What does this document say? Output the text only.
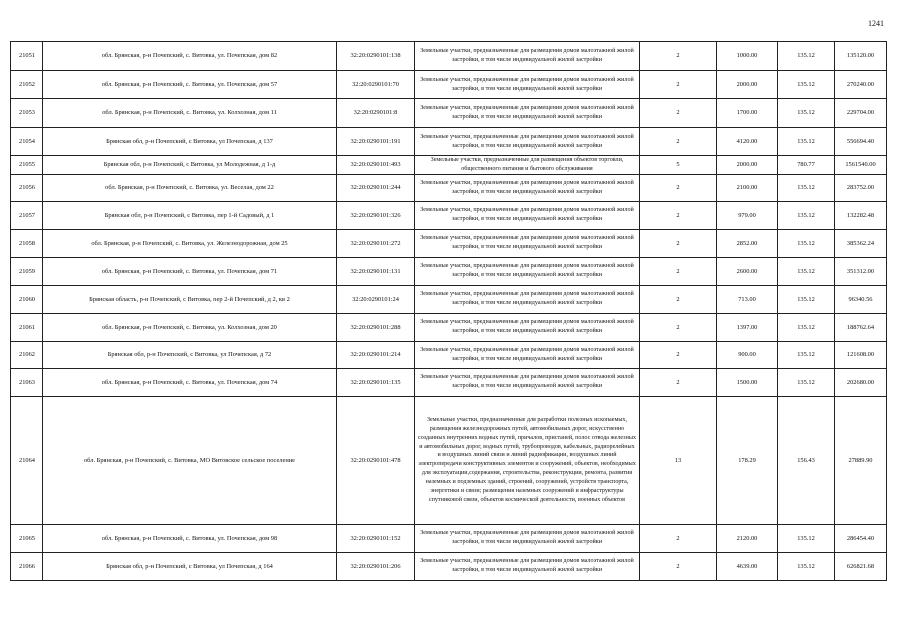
1241
21051	обл. Брянская, р-н Почепский, с. Витовка, ул. Почепская, дом 82	32:20:0290101:138	Земельные участки, предназначенные для размещения домов малоэтажной жилой застройки, в том числе индивидуальной жилой застройки	2	1000.00	135.12	135120.00
21052	обл. Брянская, р-н Почепский, с. Витовка, ул. Почепская, дом 57	32:20:0290101:70	Земельные участки, предназначенные для размещения домов малоэтажной жилой застройки, в том числе индивидуальной жилой застройки	2	2000.00	135.12	270240.00
21053	обл. Брянская, р-н Почепский, с. Витовка, ул. Колхозная, дом 11	32:20:0290101:8	Земельные участки, предназначенные для размещения домов малоэтажной жилой застройки, в том числе индивидуальной жилой застройки	2	1700.00	135.12	229704.00
21054	Брянская обл, р-н Почепский, с Витовка, ул Почепская, д 137	32:20:0290101:191	Земельные участки, предназначенные для размещения домов малоэтажной жилой застройки, в том числе индивидуальной жилой застройки	2	4120.00	135.12	556694.40
21055	Брянская обл, р-н Почепский, с Витовка, ул Молодежная, д 1-д	32:20:0290101:493	Земельные участки, предназначенные для размещения объектов торговли, общественного питания и бытового обслуживания	5	2000.00	780.77	1561540.00
21056	обл. Брянская, р-н Почепский, с. Витовка, ул. Веселая, дом 22	32:20:0290101:244	Земельные участки, предназначенные для размещения домов малоэтажной жилой застройки, в том числе индивидуальной жилой застройки	2	2100.00	135.12	283752.00
21057	Брянская обл, р-н Почепский, с Витовка, пер 1-й Садовый, д 1	32:20:0290101:326	Земельные участки, предназначенные для размещения домов малоэтажной жилой застройки, в том числе индивидуальной жилой застройки	2	979.00	135.12	132282.48
21058	обл. Брянская, р-н Почепский, с. Витовка, ул. Железнодорожная, дом 25	32:20:0290101:272	Земельные участки, предназначенные для размещения домов малоэтажной жилой застройки, в том числе индивидуальной жилой застройки	2	2852.00	135.12	385362.24
21059	обл. Брянская, р-н Почепский, с. Витовка, ул. Почепская, дом 71	32:20:0290101:131	Земельные участки, предназначенные для размещения домов малоэтажной жилой застройки, в том числе индивидуальной жилой застройки	2	2600.00	135.12	351312.00
21060	Брянская область, р-н Почепский, с Витовка, пер 2-й Почепский, д 2, кв 2	32:20:0290101:24	Земельные участки, предназначенные для размещения домов малоэтажной жилой застройки, в том числе индивидуальной жилой застройки	2	713.00	135.12	96340.56
21061	обл. Брянская, р-н Почепский, с. Витовка, ул. Колхозная, дом 20	32:20:0290101:288	Земельные участки, предназначенные для размещения домов малоэтажной жилой застройки, в том числе индивидуальной жилой застройки	2	1397.00	135.12	188762.64
21062	Брянская обл, р-н Почепский, с Витовка, ул Почепская, д 72	32:20:0290101:214	Земельные участки, предназначенные для размещения домов малоэтажной жилой застройки, в том числе индивидуальной жилой застройки	2	900.00	135.12	121608.00
21063	обл. Брянская, р-н Почепский, с. Витовка, ул. Почепская, дом 74	32:20:0290101:135	Земельные участки, предназначенные для размещения домов малоэтажной жилой застройки, в том числе индивидуальной жилой застройки	2	1500.00	135.12	202680.00
21064	обл. Брянская, р-н Почепский, с. Витовка, МО Витовское сельское поселение	32:20:0290101:478	Земельные участки, предназначенные для разработки полезных ископаемых, размещения железнодорожных путей, автомобильных дорог, искусственно созданных внутренних водных путей, причалов, пристаней, полос отвода железных и автомобильных дорог, водных путей, трубопроводов, кабельных, радиорелейных и воздушных линий связи и линий радиофикации, воздушных линий электропередачи конструктивных элементов и сооружений, объектов, необходимых для эксплуатации,содержания, строительства, реконструкции, ремонта, развития наземных и подземных зданий, строений, сооружений, устройств транспорта, энергетики и связи; размещения наземных сооружений и инфраструктуры спутниковой связи, объектов космической деятельности, военных объектов	13	178.29	156.43	27889.90
21065	обл. Брянская, р-н Почепский, с. Витовка, ул. Почепская, дом 98	32:20:0290101:152	Земельные участки, предназначенные для размещения домов малоэтажной жилой застройки, в том числе индивидуальной жилой застройки	2	2120.00	135.12	286454.40
21066	Брянская обл, р-н Почепский, с Витовка, ул Почепская, д 164	32:20:0290101:206	Земельные участки, предназначенные для размещения домов малоэтажной жилой застройки, в том числе индивидуальной жилой застройки	2	4639.00	135.12	626821.68
